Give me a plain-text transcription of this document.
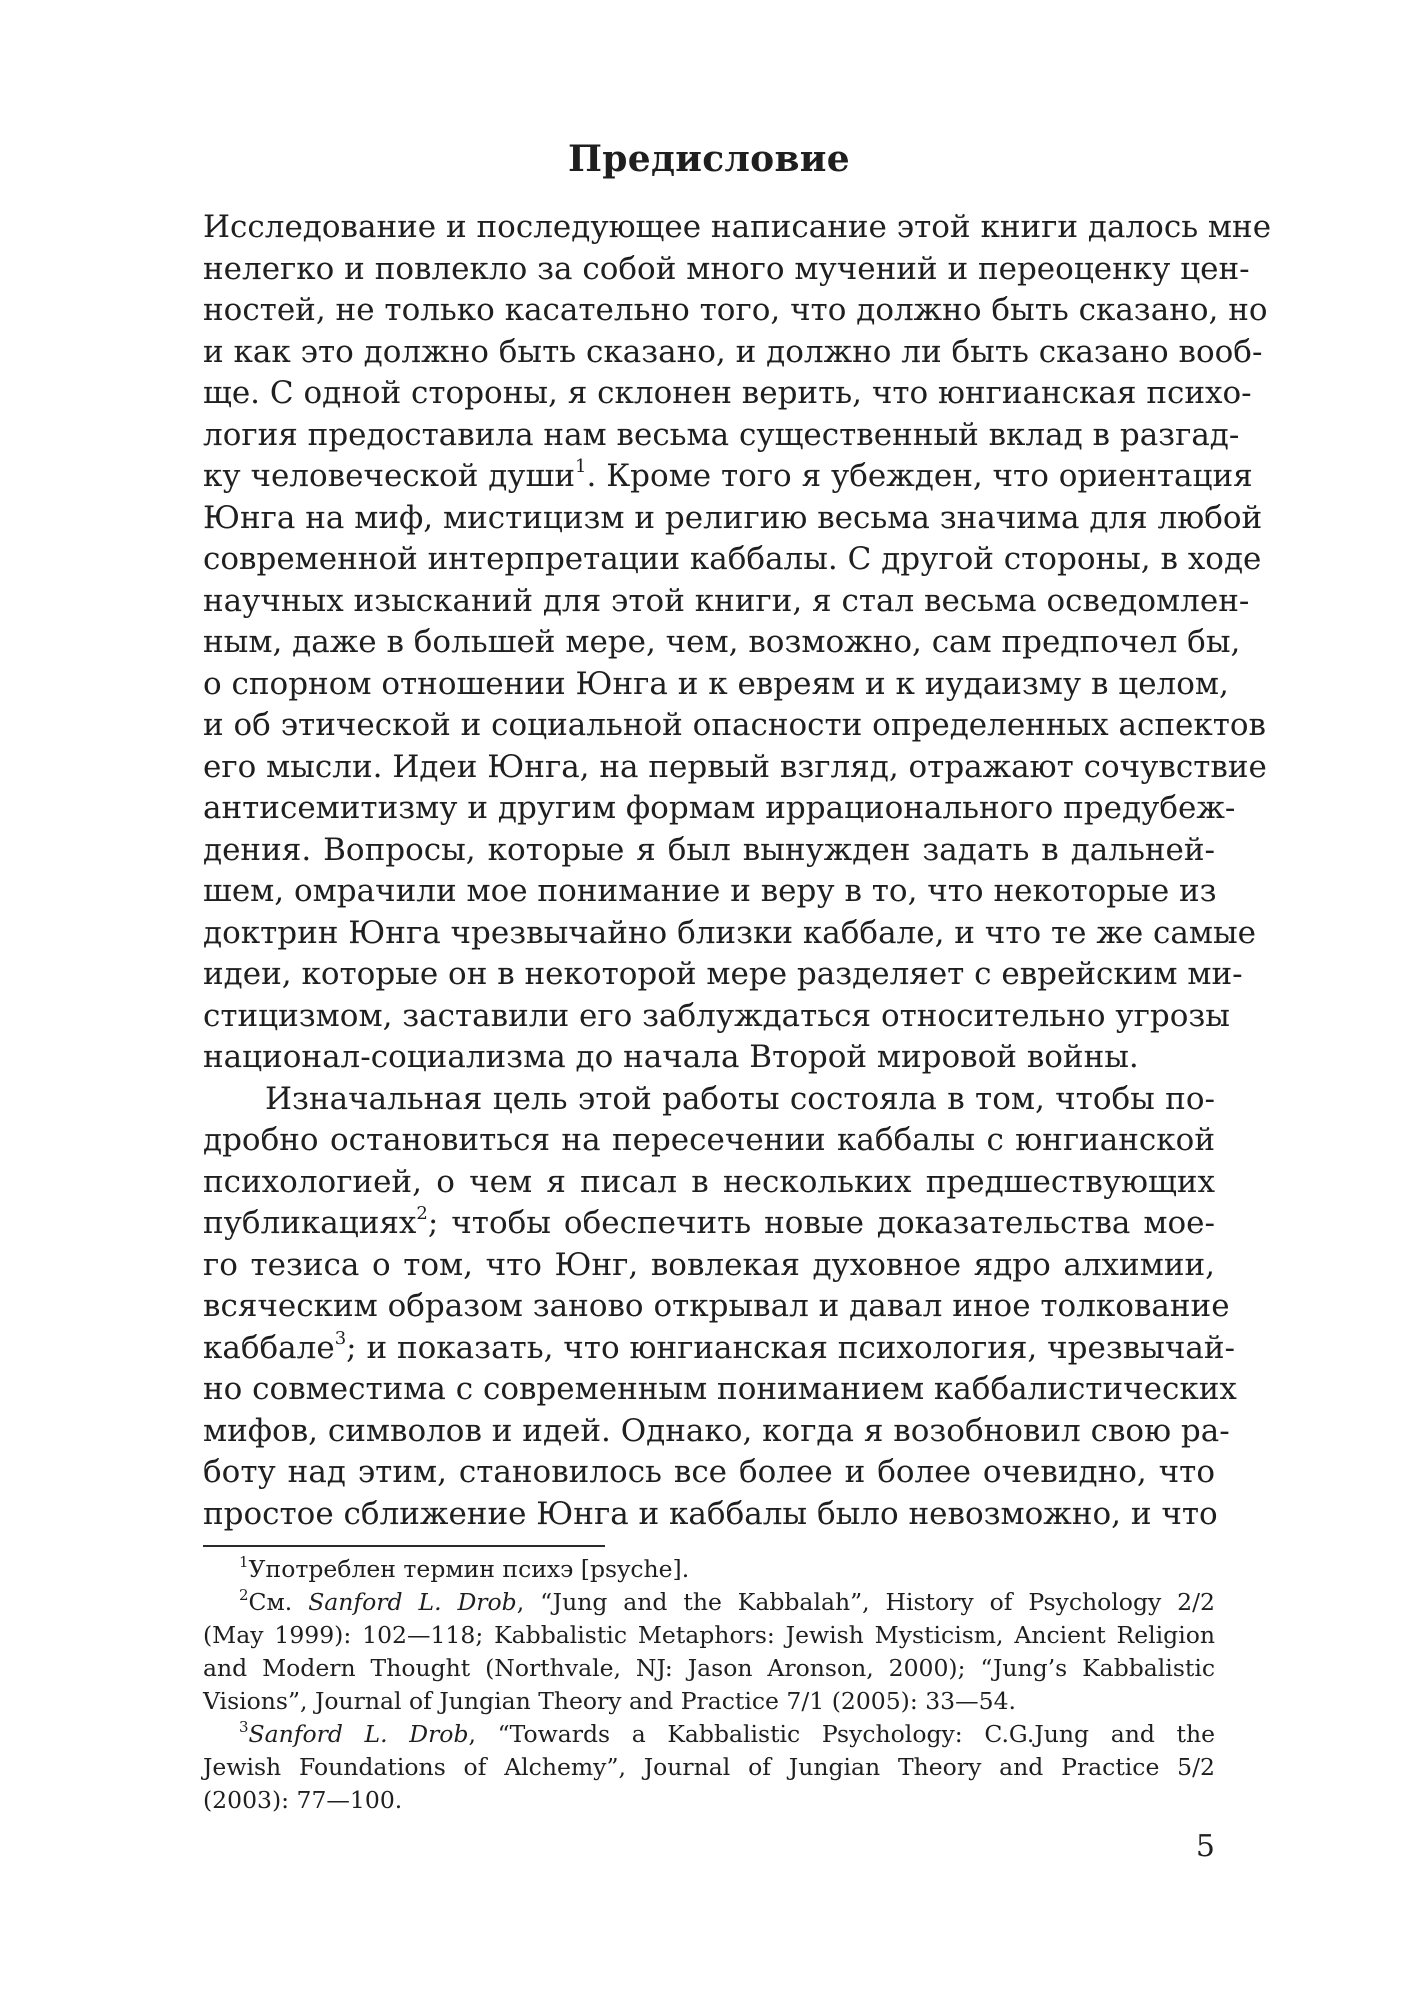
Предисловие
Исследование и последующее написание этой книги далось мне
нелегко и повлекло за собой много мучений и переоценку цен-
ностей, не только касательно того, что должно быть сказано, но
и как это должно быть сказано, и должно ли быть сказано вооб-
ще. С одной стороны, я склонен верить, что юнгианская психо-
логия предоставила нам весьма существенный вклад в разгад-
ку человеческой души$^1$. Кроме того я убежден, что ориентация
Юнга на миф, мистицизм и религию весьма значима для любой
современной интерпретации каббалы. С другой стороны, в ходе
научных изысканий для этой книги, я стал весьма осведомлен-
ным, даже в большей мере, чем, возможно, сам предпочел бы,
о спорном отношении Юнга и к евреям и к иудаизму в целом,
и об этической и социальной опасности определенных аспектов
его мысли. Идеи Юнга, на первый взгляд, отражают сочувствие
антисемитизму и другим формам иррационального предубеж-
дения. Вопросы, которые я был вынужден задать в дальней-
шем, омрачили мое понимание и веру в то, что некоторые из
доктрин Юнга чрезвычайно близки каббале, и что те же самые
идеи, которые он в некоторой мере разделяет с еврейским ми-
стицизмом, заставили его заблуждаться относительно угрозы
национал-социализма до начала Второй мировой войны.
Изначальная цель этой работы состояла в том, чтобы по-
дробно остановиться на пересечении каббалы с юнгианской
психологией, о чем я писал в нескольких предшествующих
публикациях$^2$; чтобы обеспечить новые доказательства мое-
го тезиса о том, что Юнг, вовлекая духовное ядро алхимии,
всяческим образом заново открывал и давал иное толкование
каббале$^3$; и показать, что юнгианская психология, чрезвычай-
но совместима с современным пониманием каббалистических
мифов, символов и идей. Однако, когда я возобновил свою ра-
боту над этим, становилось все более и более очевидно, что
простое сближение Юнга и каббалы было невозможно, и что
$^1$Употреблен термин психэ [psyche].
$^2$См. Sanford L. Drob, “Jung and the Kabbalah”, History of Psychology 2/2
(May 1999): 102—118; Kabbalistic Metaphors: Jewish Mysticism, Ancient Religion
and Modern Thought (Northvale, NJ: Jason Aronson, 2000); “Jung’s Kabbalistic
Visions”, Journal of Jungian Theory and Practice 7/1 (2005): 33—54.
$^3$Sanford L. Drob, “Towards a Kabbalistic Psychology: C.G.Jung and the
Jewish Foundations of Alchemy”, Journal of Jungian Theory and Practice 5/2
(2003): 77—100.
5
